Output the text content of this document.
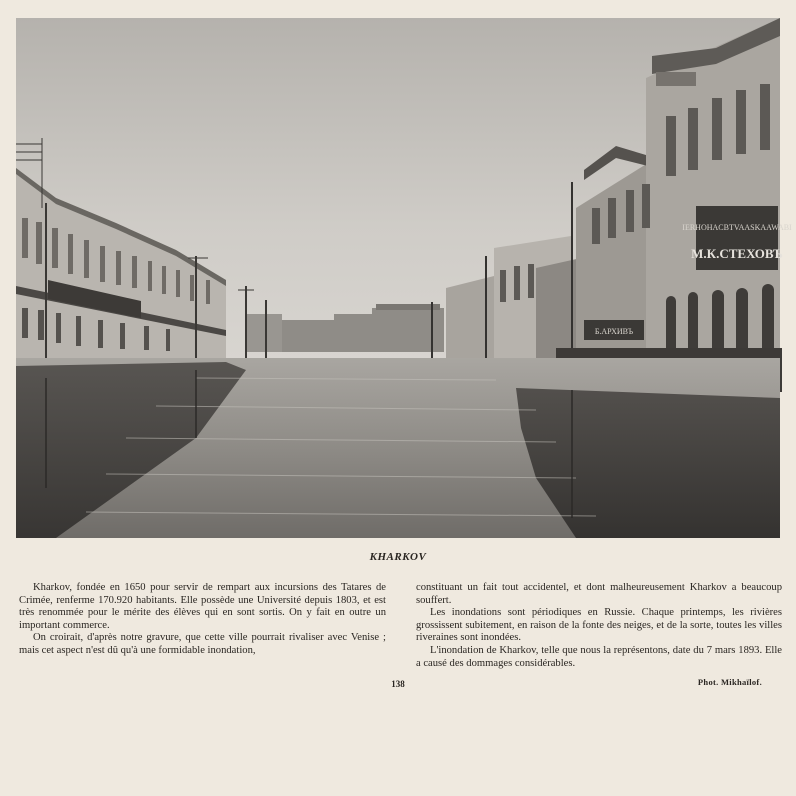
IERHOHACBTVAASKAAWABI
М.К.СТЕХОВЪ
Б.АРХИВЪ
KHARKOV

Kharkov, fondée en 1650 pour servir de rempart aux incursions des Tatares de Crimée, renferme 170.920 habitants. Elle possède une Université depuis 1803, et est très renommée pour le mérite des élèves qui en sont sortis. On y fait en outre un important commerce.

On croirait, d'après notre gravure, que cette ville pourrait rivaliser avec Venise ; mais cet aspect n'est dû qu'à une formidable inondation,

constituant un fait tout accidentel, et dont malheureusement Kharkov a beaucoup souffert.

Les inondations sont périodiques en Russie. Chaque printemps, les rivières grossissent subitement, en raison de la fonte des neiges, et de la sorte, toutes les villes riveraines sont inondées.

L'inondation de Kharkov, telle que nous la représentons, date du 7 mars 1893. Elle a causé des dommages considérables.

138	Phot. Mikhaïlof.
